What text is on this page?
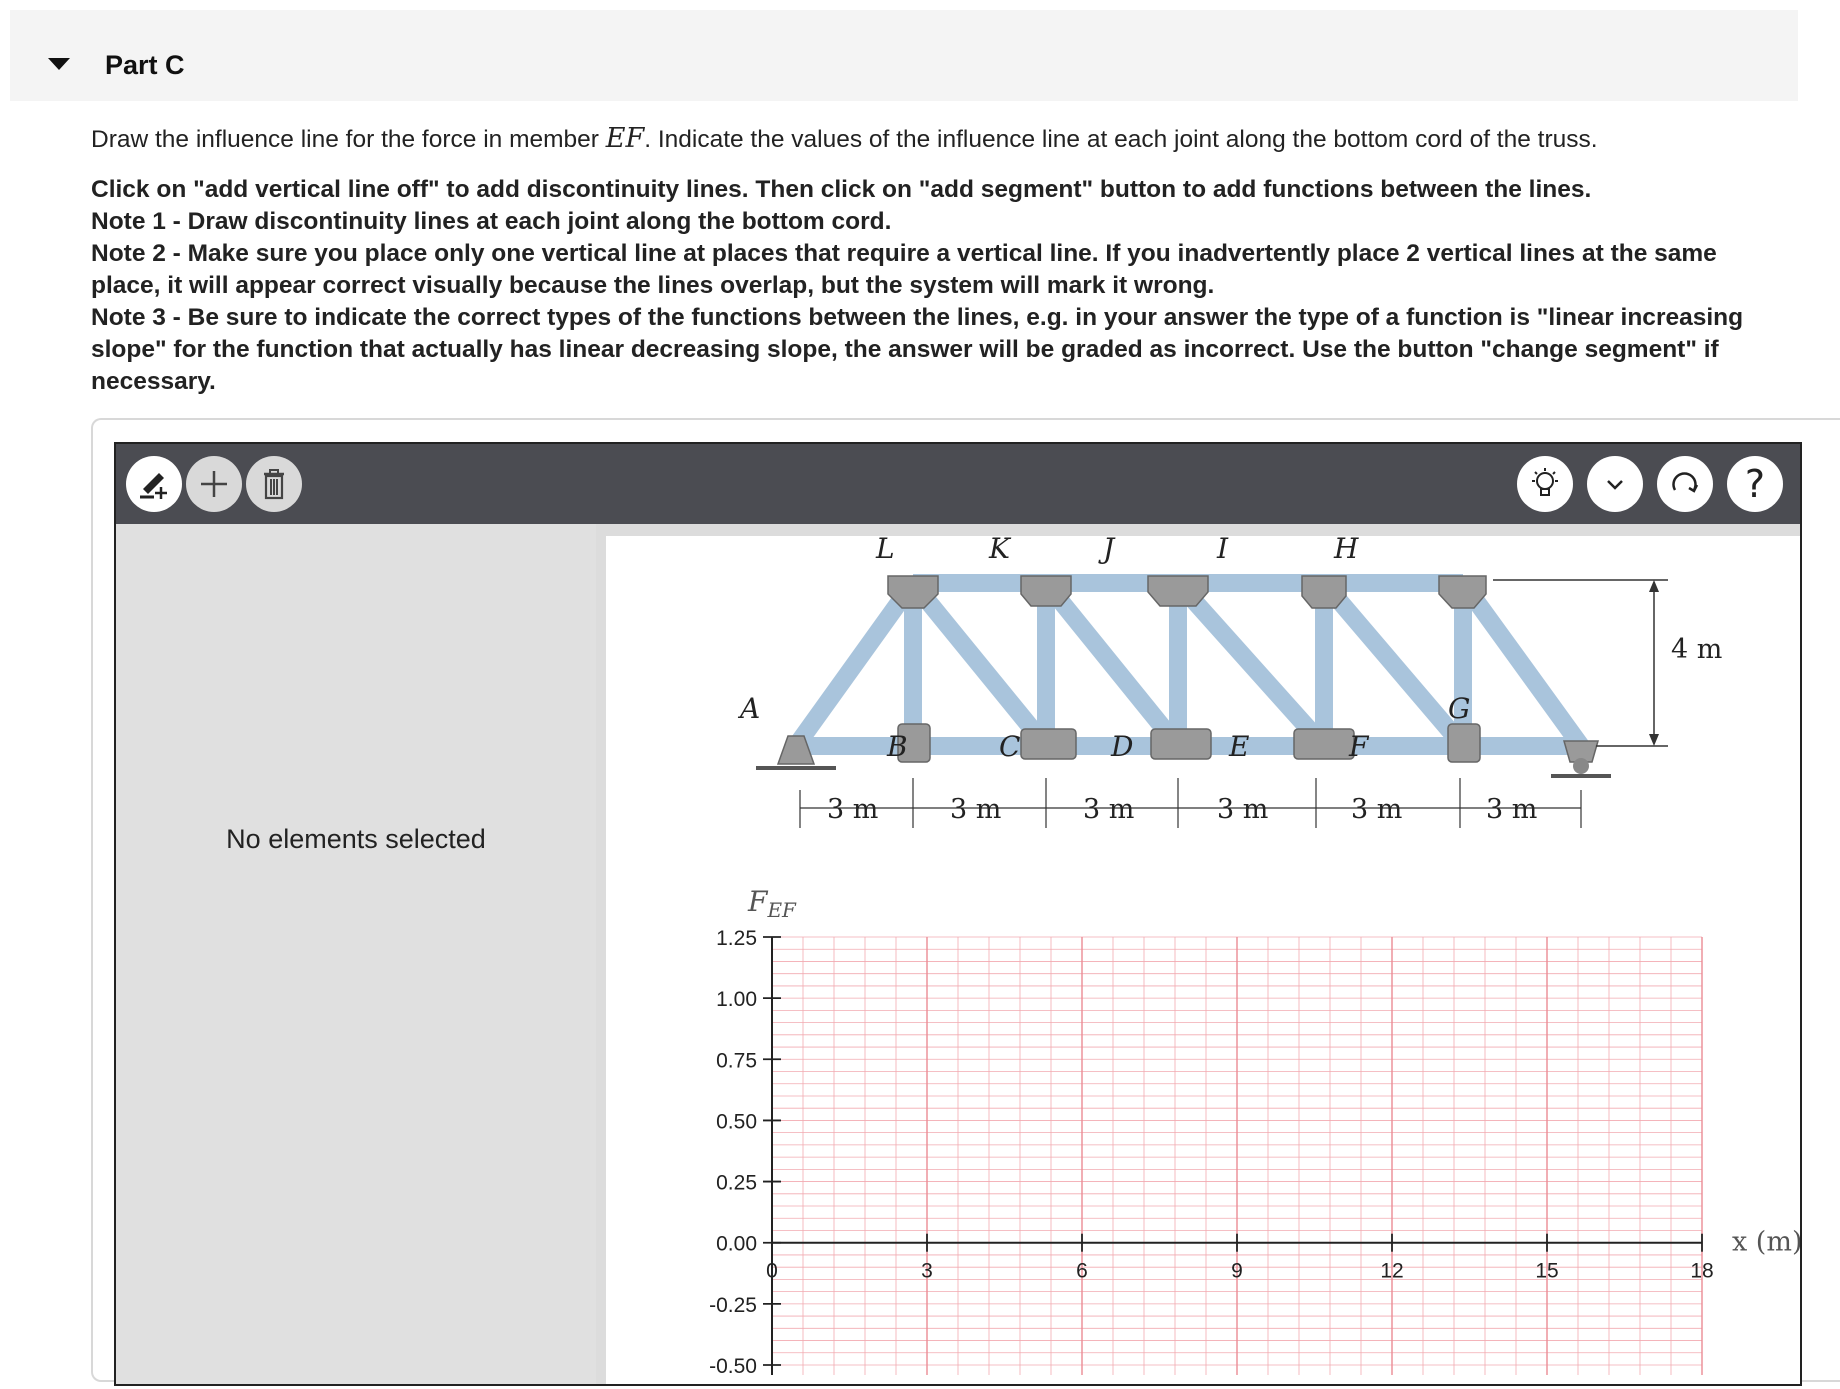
Part C
Draw the influence line for the force in member EF. Indicate the values of the influence line at each joint along the bottom cord of the truss.

Click on "add vertical line off" to add discontinuity lines. Then click on "add segment" button to add functions between the lines.

Note 1 - Draw discontinuity lines at each joint along the bottom cord.

Note 2 - Make sure you place only one vertical line at places that require a vertical line. If you inadvertently place 2 vertical lines at the same place, it will appear correct visually because the lines overlap, but the system will mark it wrong.

Note 3 - Be sure to indicate the correct types of the functions between the lines, e.g. in your answer the type of a function is "linear increasing slope" for the function that actually has linear decreasing slope, the answer will be graded as incorrect. Use the button "change segment" if necessary.

?
No elements selected
L	K	J	I	H
A
B	C	D	E	F
G
3 m	3 m	3 m	3 m	3 m	3 m
4 m
1.25
1.00
0.75
0.50
0.25
0.00
-0.25
-0.50
0	3	6	9	12	15	18
$F_{EF}$
x (m)
